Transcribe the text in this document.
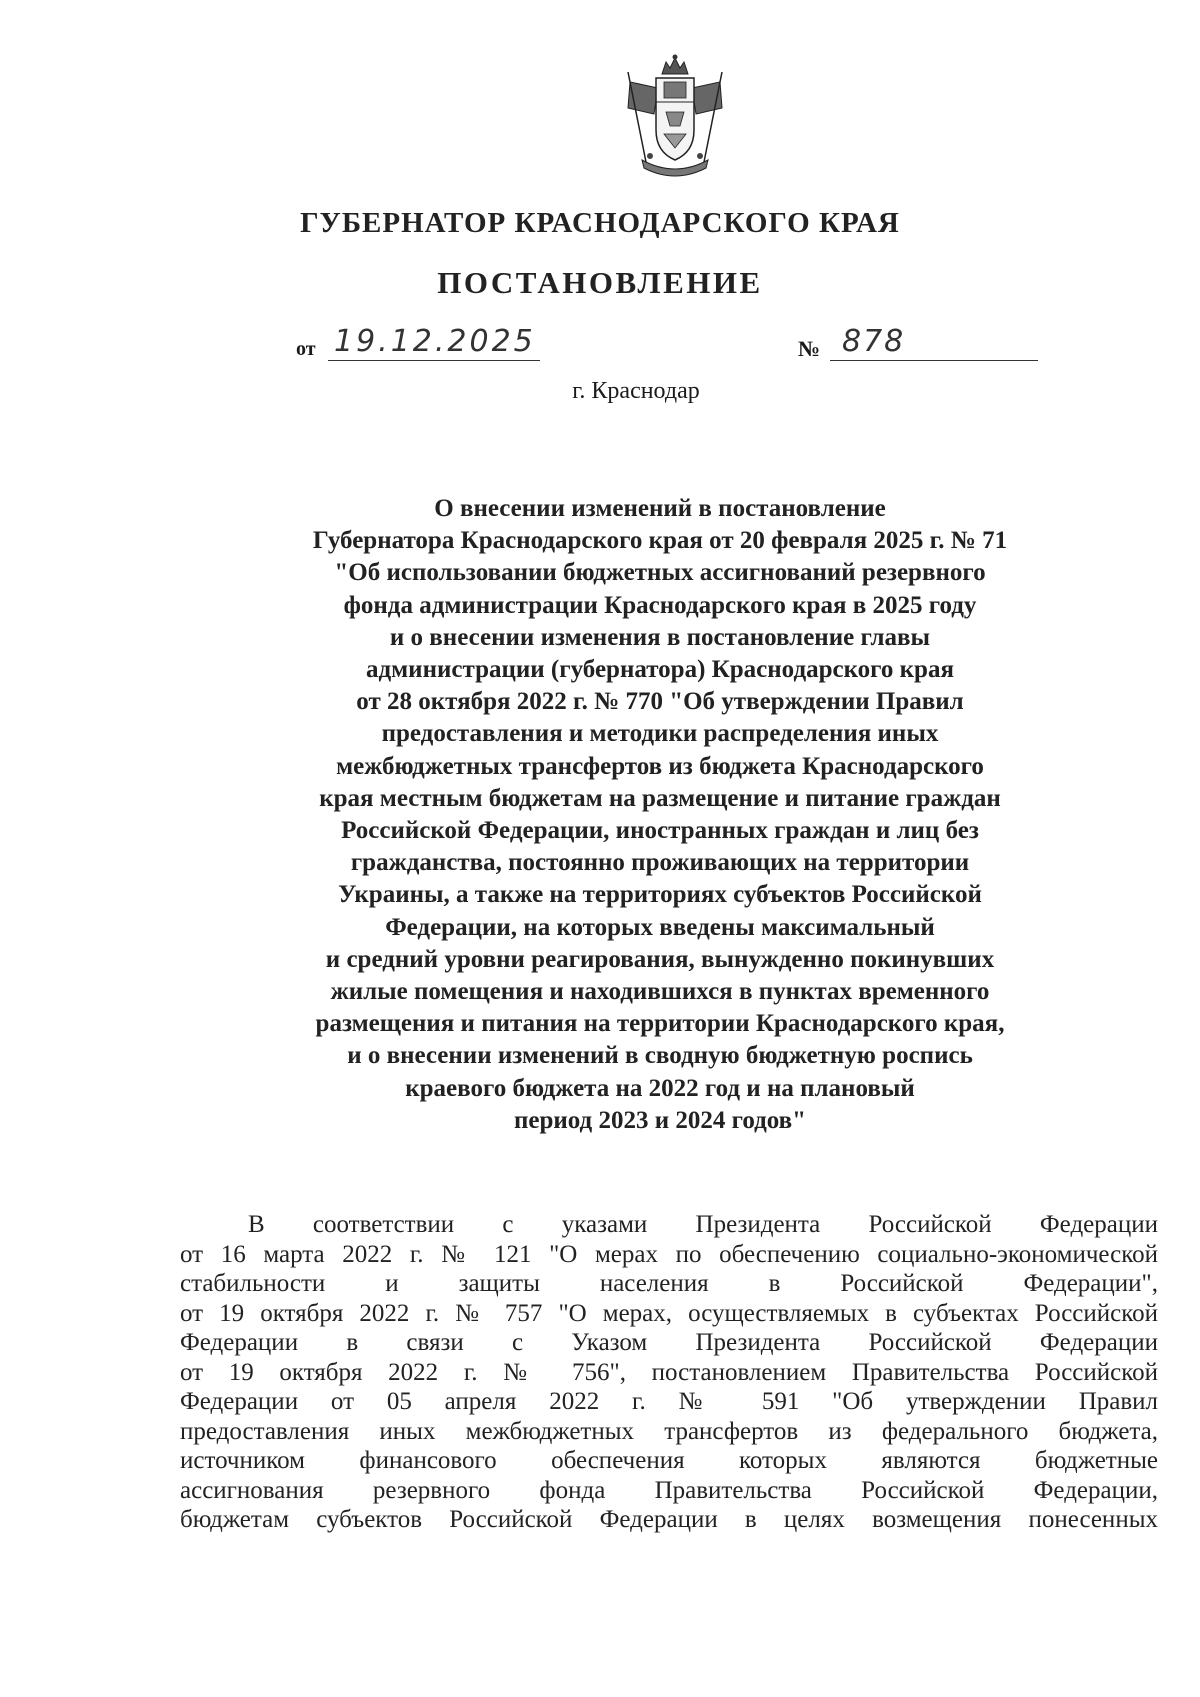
ГУБЕРНАТОР КРАСНОДАРСКОГО КРАЯ
ПОСТАНОВЛЕНИЕ
от 19.12.2025	№ 878
г. Краснодар
О внесении изменений в постановление
Губернатора Краснодарского края от 20 февраля 2025 г. № 71
"Об использовании бюджетных ассигнований резервного
фонда администрации Краснодарского края в 2025 году
и о внесении изменения в постановление главы
администрации (губернатора) Краснодарского края
от 28 октября 2022 г. № 770 "Об утверждении Правил
предоставления и методики распределения иных
межбюджетных трансфертов из бюджета Краснодарского
края местным бюджетам на размещение и питание граждан
Российской Федерации, иностранных граждан и лиц без
гражданства, постоянно проживающих на территории
Украины, а также на территориях субъектов Российской
Федерации, на которых введены максимальный
и средний уровни реагирования, вынужденно покинувших
жилые помещения и находившихся в пунктах временного
размещения и питания на территории Краснодарского края,
и о внесении изменений в сводную бюджетную роспись
краевого бюджета на 2022 год и на плановый
период 2023 и 2024 годов"
В соответствии с указами Президента Российской Федерации
от 16 марта 2022 г. № 121 "О мерах по обеспечению социально-экономической
стабильности и защиты населения в Российской Федерации",
от 19 октября 2022 г. № 757 "О мерах, осуществляемых в субъектах Российской
Федерации в связи с Указом Президента Российской Федерации
от 19 октября 2022 г. № 756", постановлением Правительства Российской
Федерации от 05 апреля 2022 г. № 591 "Об утверждении Правил
предоставления иных межбюджетных трансфертов из федерального бюджета,
источником финансового обеспечения которых являются бюджетные
ассигнования резервного фонда Правительства Российской Федерации,
бюджетам субъектов Российской Федерации в целях возмещения понесенных
